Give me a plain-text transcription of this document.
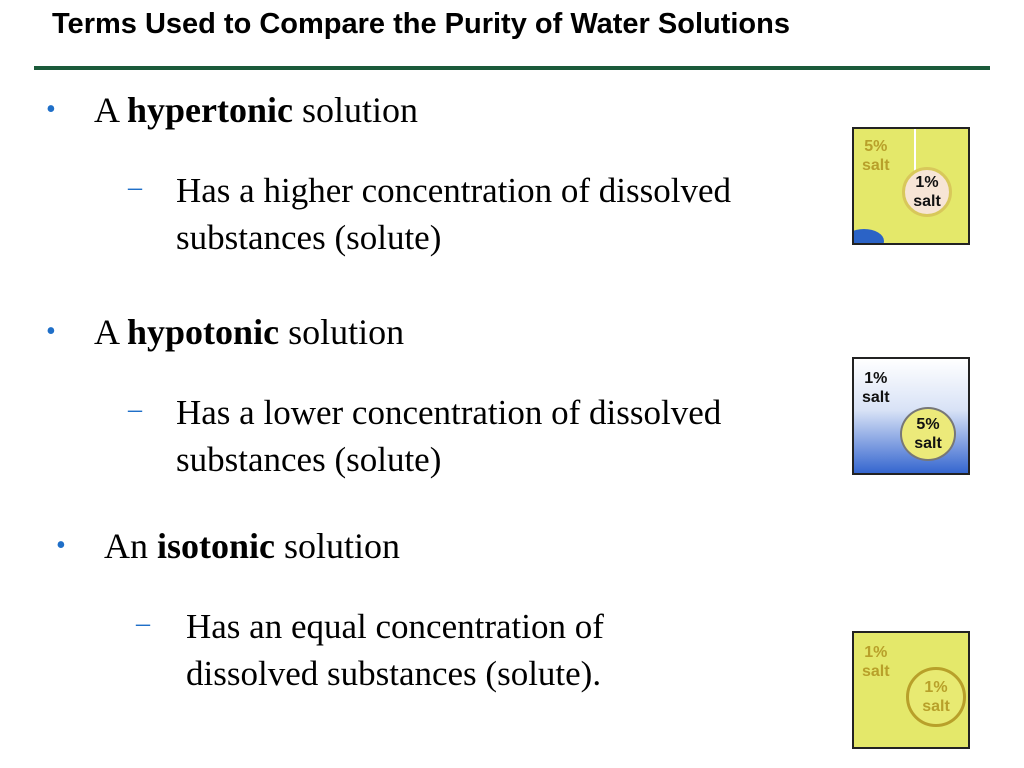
Terms Used to Compare the Purity of Water Solutions
• A hypertonic solution
– Has a higher concentration of dissolved substances (solute)
5%
salt
1%
salt
• A hypotonic solution
– Has a lower concentration of dissolved substances (solute)
1%
salt
5%
salt
• An isotonic solution
– Has an equal concentration of dissolved substances (solute).
1%
salt
1%
salt
